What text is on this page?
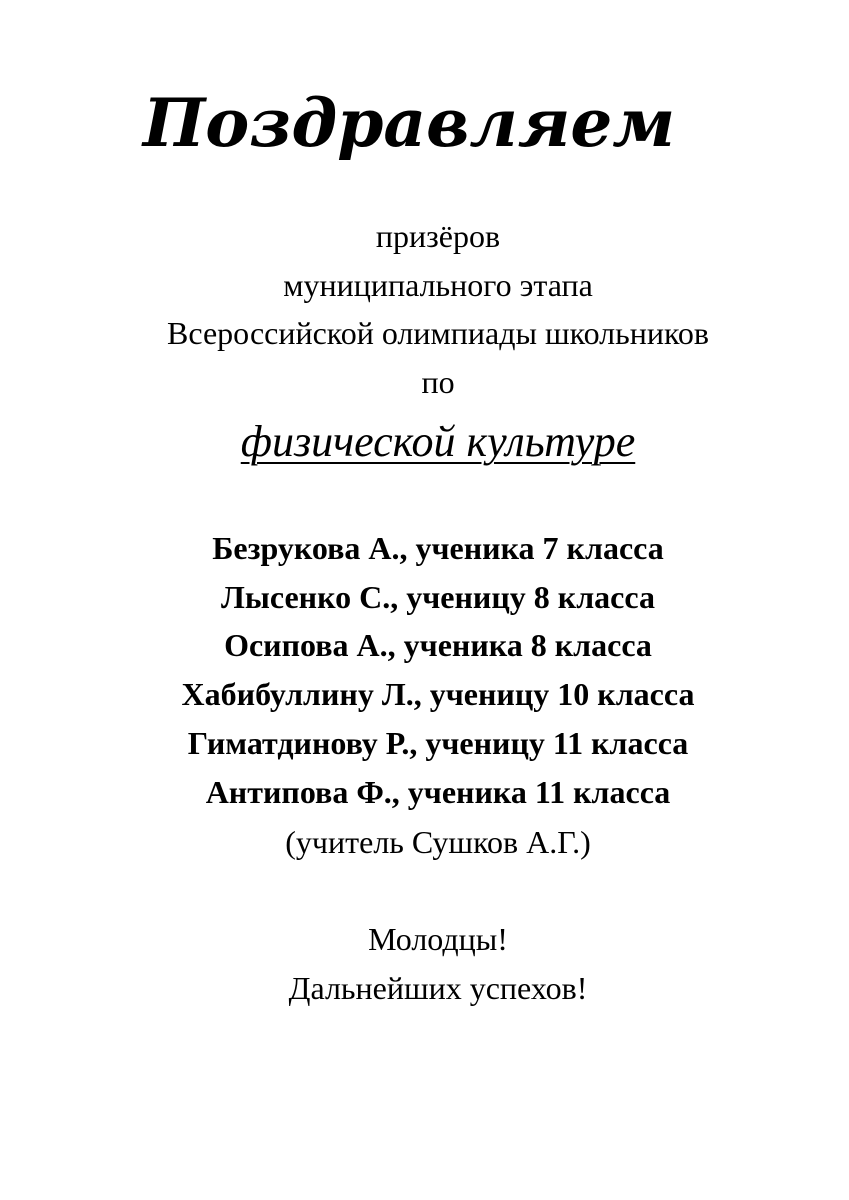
Поздравляем
призёров
муниципального этапа
Всероссийской олимпиады школьников
по
физической культуре
Безрукова А., ученика 7 класса
Лысенко С., ученицу 8 класса
Осипова А., ученика 8 класса
Хабибуллину Л., ученицу 10 класса
Гиматдинову Р., ученицу 11 класса
Антипова Ф., ученика 11 класса
(учитель Сушков А.Г.)
Молодцы!
Дальнейших успехов!
